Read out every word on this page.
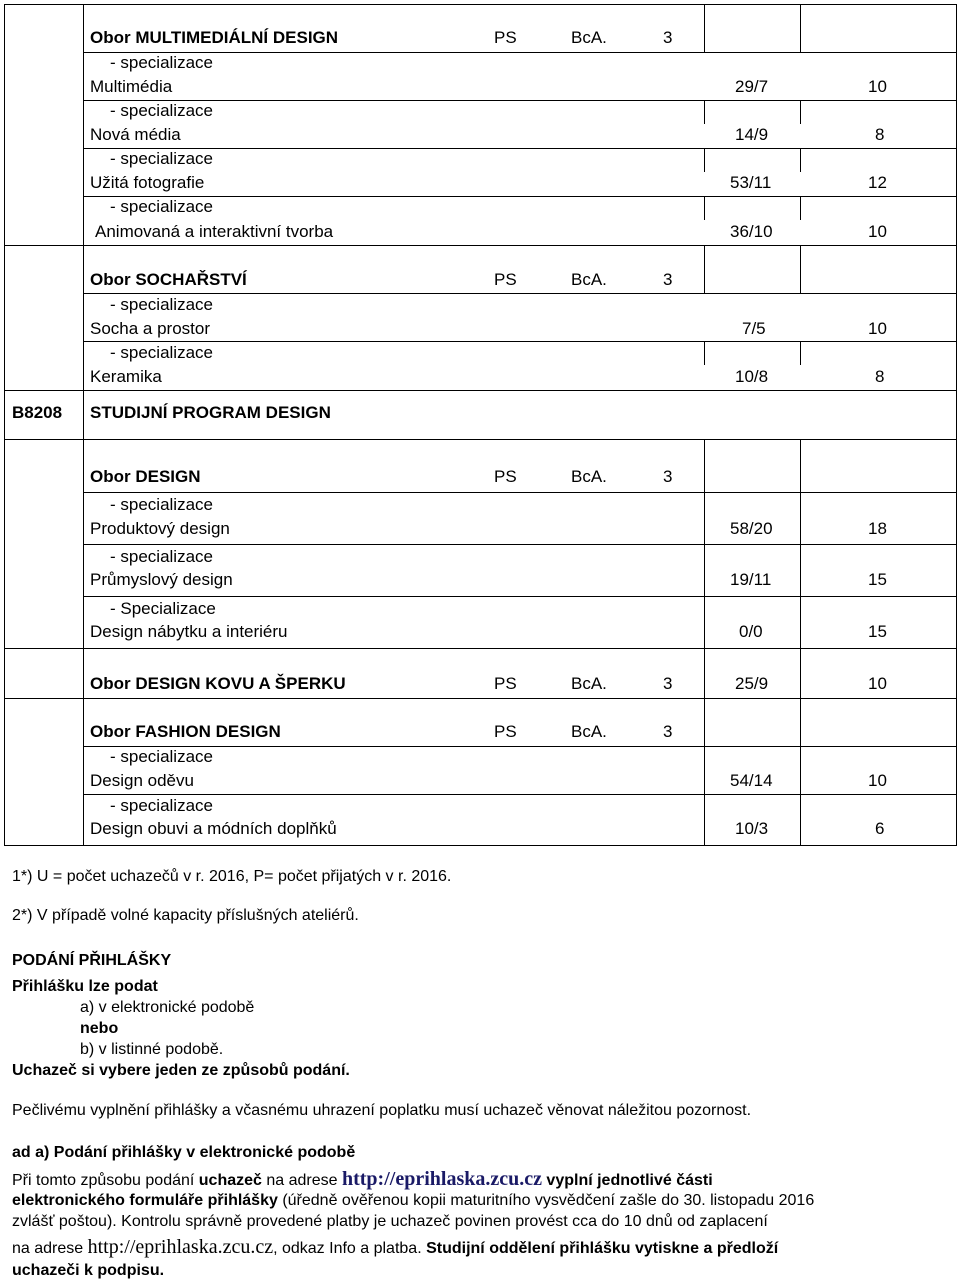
Obor MULTIMEDIÁLNÍ DESIGN	PS	BcA.	3
- specializace
Multimédia	29/7	10
- specializace
Nová média	14/9	8
- specializace
Užitá fotografie	53/11	12
- specializace
Animovaná a interaktivní tvorba	36/10	10
Obor SOCHAŘSTVÍ	PS	BcA.	3
- specializace
Socha a prostor	7/5	10
- specializace
Keramika	10/8	8
B8208 STUDIJNÍ PROGRAM DESIGN
Obor DESIGN	PS	BcA.	3
- specializace
Produktový design	58/20	18
- specializace
Průmyslový design	19/11	15
- Specializace
Design nábytku a interiéru	0/0	15
Obor DESIGN KOVU A ŠPERKU	PS	BcA.	3	25/9	10
Obor FASHION DESIGN	PS	BcA.	3
- specializace
Design oděvu	54/14	10
- specializace
Design obuvi a módních doplňků	10/3	6
1*) U = počet uchazečů v r. 2016, P= počet přijatých v r. 2016.
2*) V případě volné kapacity příslušných ateliérů.
PODÁNÍ PŘIHLÁŠKY
Přihlášku lze podat
a) v elektronické podobě
nebo
b) v listinné podobě.
Uchazeč si vybere jeden ze způsobů podání.
Pečlivému vyplnění přihlášky a včasnému uhrazení poplatku musí uchazeč věnovat náležitou pozornost.
ad a) Podání přihlášky v elektronické podobě
Při tomto způsobu podání uchazeč na adrese http://eprihlaska.zcu.cz vyplní jednotlivé části
elektronického formuláře přihlášky (úředně ověřenou kopii maturitního vysvědčení zašle do 30. listopadu 2016
zvlášť poštou). Kontrolu správně provedené platby je uchazeč povinen provést cca do 10 dnů od zaplacení
na adrese http://eprihlaska.zcu.cz, odkaz Info a platba. Studijní oddělení přihlášku vytiskne a předloží
uchazeči k podpisu.
